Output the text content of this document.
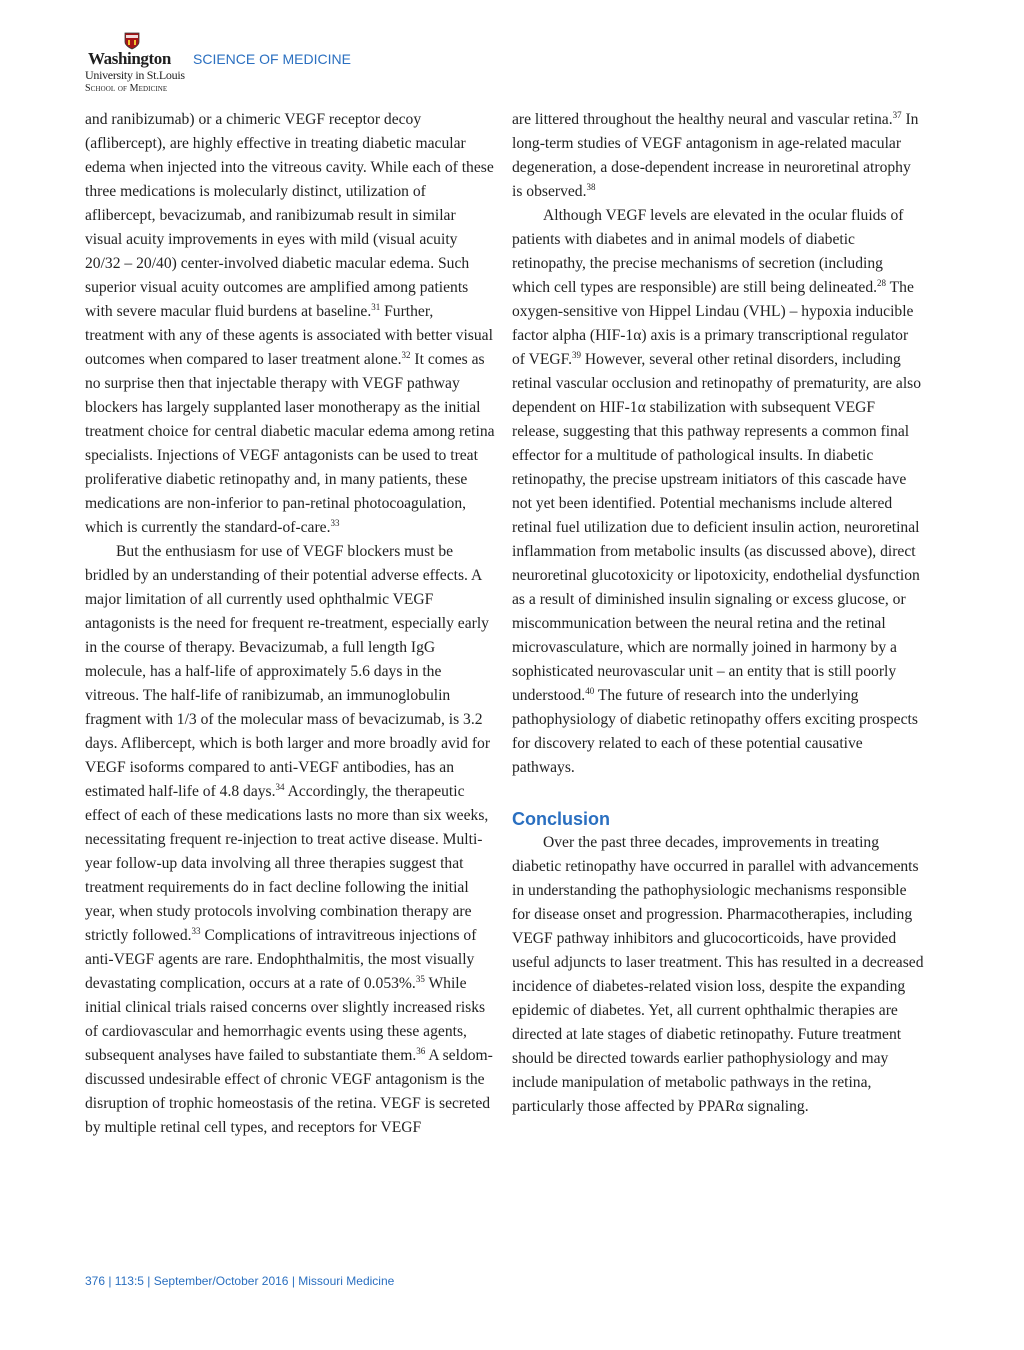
Washington
University in St.Louis
School of Medicine
SCIENCE OF MEDICINE

and ranibizumab) or a chimeric VEGF receptor decoy (aflibercept), are highly effective in treating diabetic macular edema when injected into the vitreous cavity. While each of these three medications is molecularly distinct, utilization of aflibercept, bevacizumab, and ranibizumab result in similar visual acuity improvements in eyes with mild (visual acuity 20/32 – 20/40) center-involved diabetic macular edema. Such superior visual acuity outcomes are amplified among patients with severe macular fluid burdens at baseline.$^{31}$ Further, treatment with any of these agents is associated with better visual outcomes when compared to laser treatment alone.$^{32}$ It comes as no surprise then that injectable therapy with VEGF pathway blockers has largely supplanted laser monotherapy as the initial treatment choice for central diabetic macular edema among retina specialists. Injections of VEGF antagonists can be used to treat proliferative diabetic retinopathy and, in many patients, these medications are non-inferior to pan-retinal photocoagulation, which is currently the standard-of-care.$^{33}$

But the enthusiasm for use of VEGF blockers must be bridled by an understanding of their potential adverse effects. A major limitation of all currently used ophthalmic VEGF antagonists is the need for frequent re-treatment, especially early in the course of therapy. Bevacizumab, a full length IgG molecule, has a half-life of approximately 5.6 days in the vitreous. The half-life of ranibizumab, an immunoglobulin fragment with 1/3 of the molecular mass of bevacizumab, is 3.2 days. Aflibercept, which is both larger and more broadly avid for VEGF isoforms compared to anti-VEGF antibodies, has an estimated half-life of 4.8 days.$^{34}$ Accordingly, the therapeutic effect of each of these medications lasts no more than six weeks, necessitating frequent re-injection to treat active disease. Multi-year follow-up data involving all three therapies suggest that treatment requirements do in fact decline following the initial year, when study protocols involving combination therapy are strictly followed.$^{33}$ Complications of intravitreous injections of anti-VEGF agents are rare. Endophthalmitis, the most visually devastating complication, occurs at a rate of 0.053%.$^{35}$ While initial clinical trials raised concerns over slightly increased risks of cardiovascular and hemorrhagic events using these agents, subsequent analyses have failed to substantiate them.$^{36}$ A seldom-discussed undesirable effect of chronic VEGF antagonism is the disruption of trophic homeostasis of the retina. VEGF is secreted by multiple retinal cell types, and receptors for VEGF

are littered throughout the healthy neural and vascular retina.$^{37}$ In long-term studies of VEGF antagonism in age-related macular degeneration, a dose-dependent increase in neuroretinal atrophy is observed.$^{38}$

Although VEGF levels are elevated in the ocular fluids of patients with diabetes and in animal models of diabetic retinopathy, the precise mechanisms of secretion (including which cell types are responsible) are still being delineated.$^{28}$ The oxygen-sensitive von Hippel Lindau (VHL) – hypoxia inducible factor alpha (HIF-1α) axis is a primary transcriptional regulator of VEGF.$^{39}$ However, several other retinal disorders, including retinal vascular occlusion and retinopathy of prematurity, are also dependent on HIF-1α stabilization with subsequent VEGF release, suggesting that this pathway represents a common final effector for a multitude of pathological insults. In diabetic retinopathy, the precise upstream initiators of this cascade have not yet been identified. Potential mechanisms include altered retinal fuel utilization due to deficient insulin action, neuroretinal inflammation from metabolic insults (as discussed above), direct neuroretinal glucotoxicity or lipotoxicity, endothelial dysfunction as a result of diminished insulin signaling or excess glucose, or miscommunication between the neural retina and the retinal microvasculature, which are normally joined in harmony by a sophisticated neurovascular unit – an entity that is still poorly understood.$^{40}$ The future of research into the underlying pathophysiology of diabetic retinopathy offers exciting prospects for discovery related to each of these potential causative pathways.

Conclusion

Over the past three decades, improvements in treating diabetic retinopathy have occurred in parallel with advancements in understanding the pathophysiologic mechanisms responsible for disease onset and progression. Pharmacotherapies, including VEGF pathway inhibitors and glucocorticoids, have provided useful adjuncts to laser treatment. This has resulted in a decreased incidence of diabetes-related vision loss, despite the expanding epidemic of diabetes. Yet, all current ophthalmic therapies are directed at late stages of diabetic retinopathy. Future treatment should be directed towards earlier pathophysiology and may include manipulation of metabolic pathways in the retina, particularly those affected by PPARα signaling.

376 | 113:5 | September/October 2016 | Missouri Medicine
